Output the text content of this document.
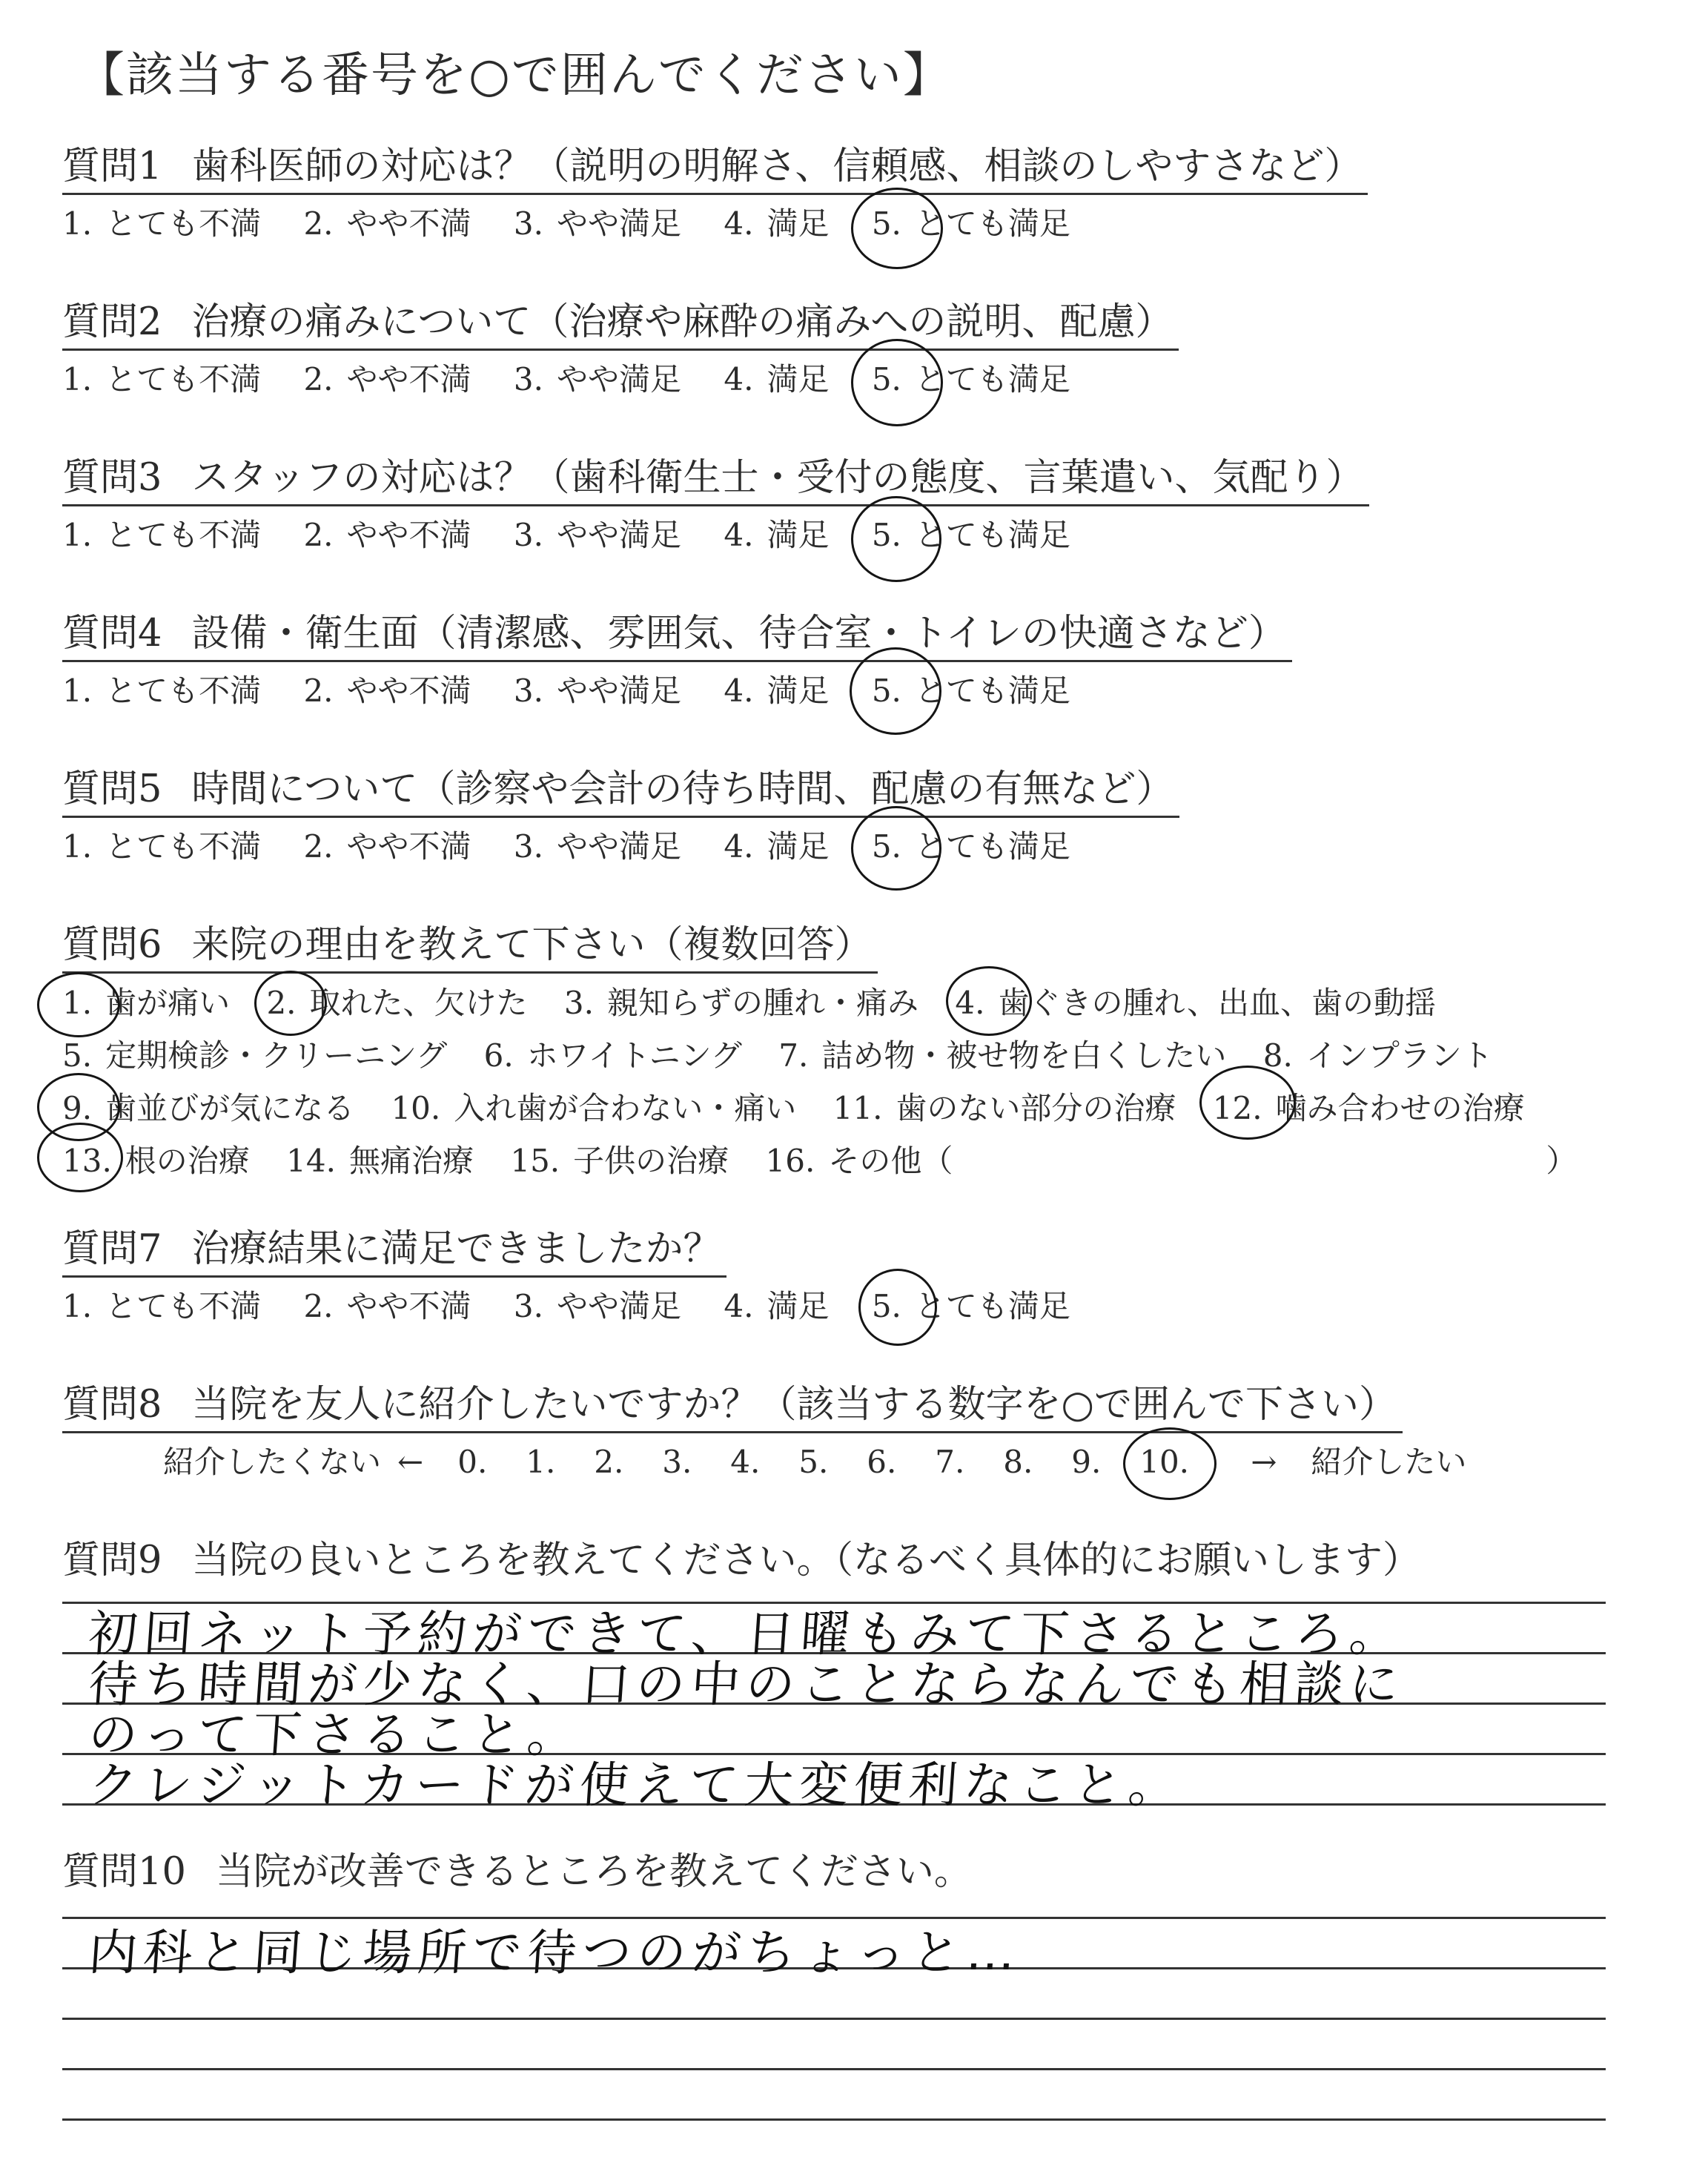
【該当する番号を○で囲んでください】
質問1 歯科医師の対応は？（説明の明解さ、信頼感、相談のしやすさなど）
1. とても不満 2. やや不満 3. やや満足 4. 満足 5. とても満足
質問2 治療の痛みについて（治療や麻酔の痛みへの説明、配慮）
1. とても不満 2. やや不満 3. やや満足 4. 満足 5. とても満足
質問3 スタッフの対応は？（歯科衛生士・受付の態度、言葉遣い、気配り）
1. とても不満 2. やや不満 3. やや満足 4. 満足 5. とても満足
質問4 設備・衛生面（清潔感、雰囲気、待合室・トイレの快適さなど）
1. とても不満 2. やや不満 3. やや満足 4. 満足 5. とても満足
質問5 時間について（診察や会計の待ち時間、配慮の有無など）
1. とても不満 2. やや不満 3. やや満足 4. 満足 5. とても満足
質問6 来院の理由を教えて下さい（複数回答）
1. 歯が痛い 2. 取れた、欠けた 3. 親知らずの腫れ・痛み 4. 歯ぐきの腫れ、出血、歯の動揺
5. 定期検診・クリーニング 6. ホワイトニング 7. 詰め物・被せ物を白くしたい 8. インプラント
9. 歯並びが気になる 10. 入れ歯が合わない・痛い 11. 歯のない部分の治療 12. 噛み合わせの治療
13. 根の治療 14. 無痛治療 15. 子供の治療 16. その他（	）
質問7 治療結果に満足できましたか？
1. とても不満 2. やや不満 3. やや満足 4. 満足 5. とても満足
質問8 当院を友人に紹介したいですか？（該当する数字を○で囲んで下さい）
紹介したくない ← 0. 1. 2. 3. 4. 5. 6. 7. 8. 9. 10. → 紹介したい
質問9 当院の良いところを教えてください。（なるべく具体的にお願いします）
初回ネット予約ができて、日曜もみて下さるところ。
待ち時間が少なく、口の中のことならなんでも相談に
のって下さること。
クレジットカードが使えて大変便利なこと。
質問10 当院が改善できるところを教えてください。
内科と同じ場所で待つのがちょっと…
